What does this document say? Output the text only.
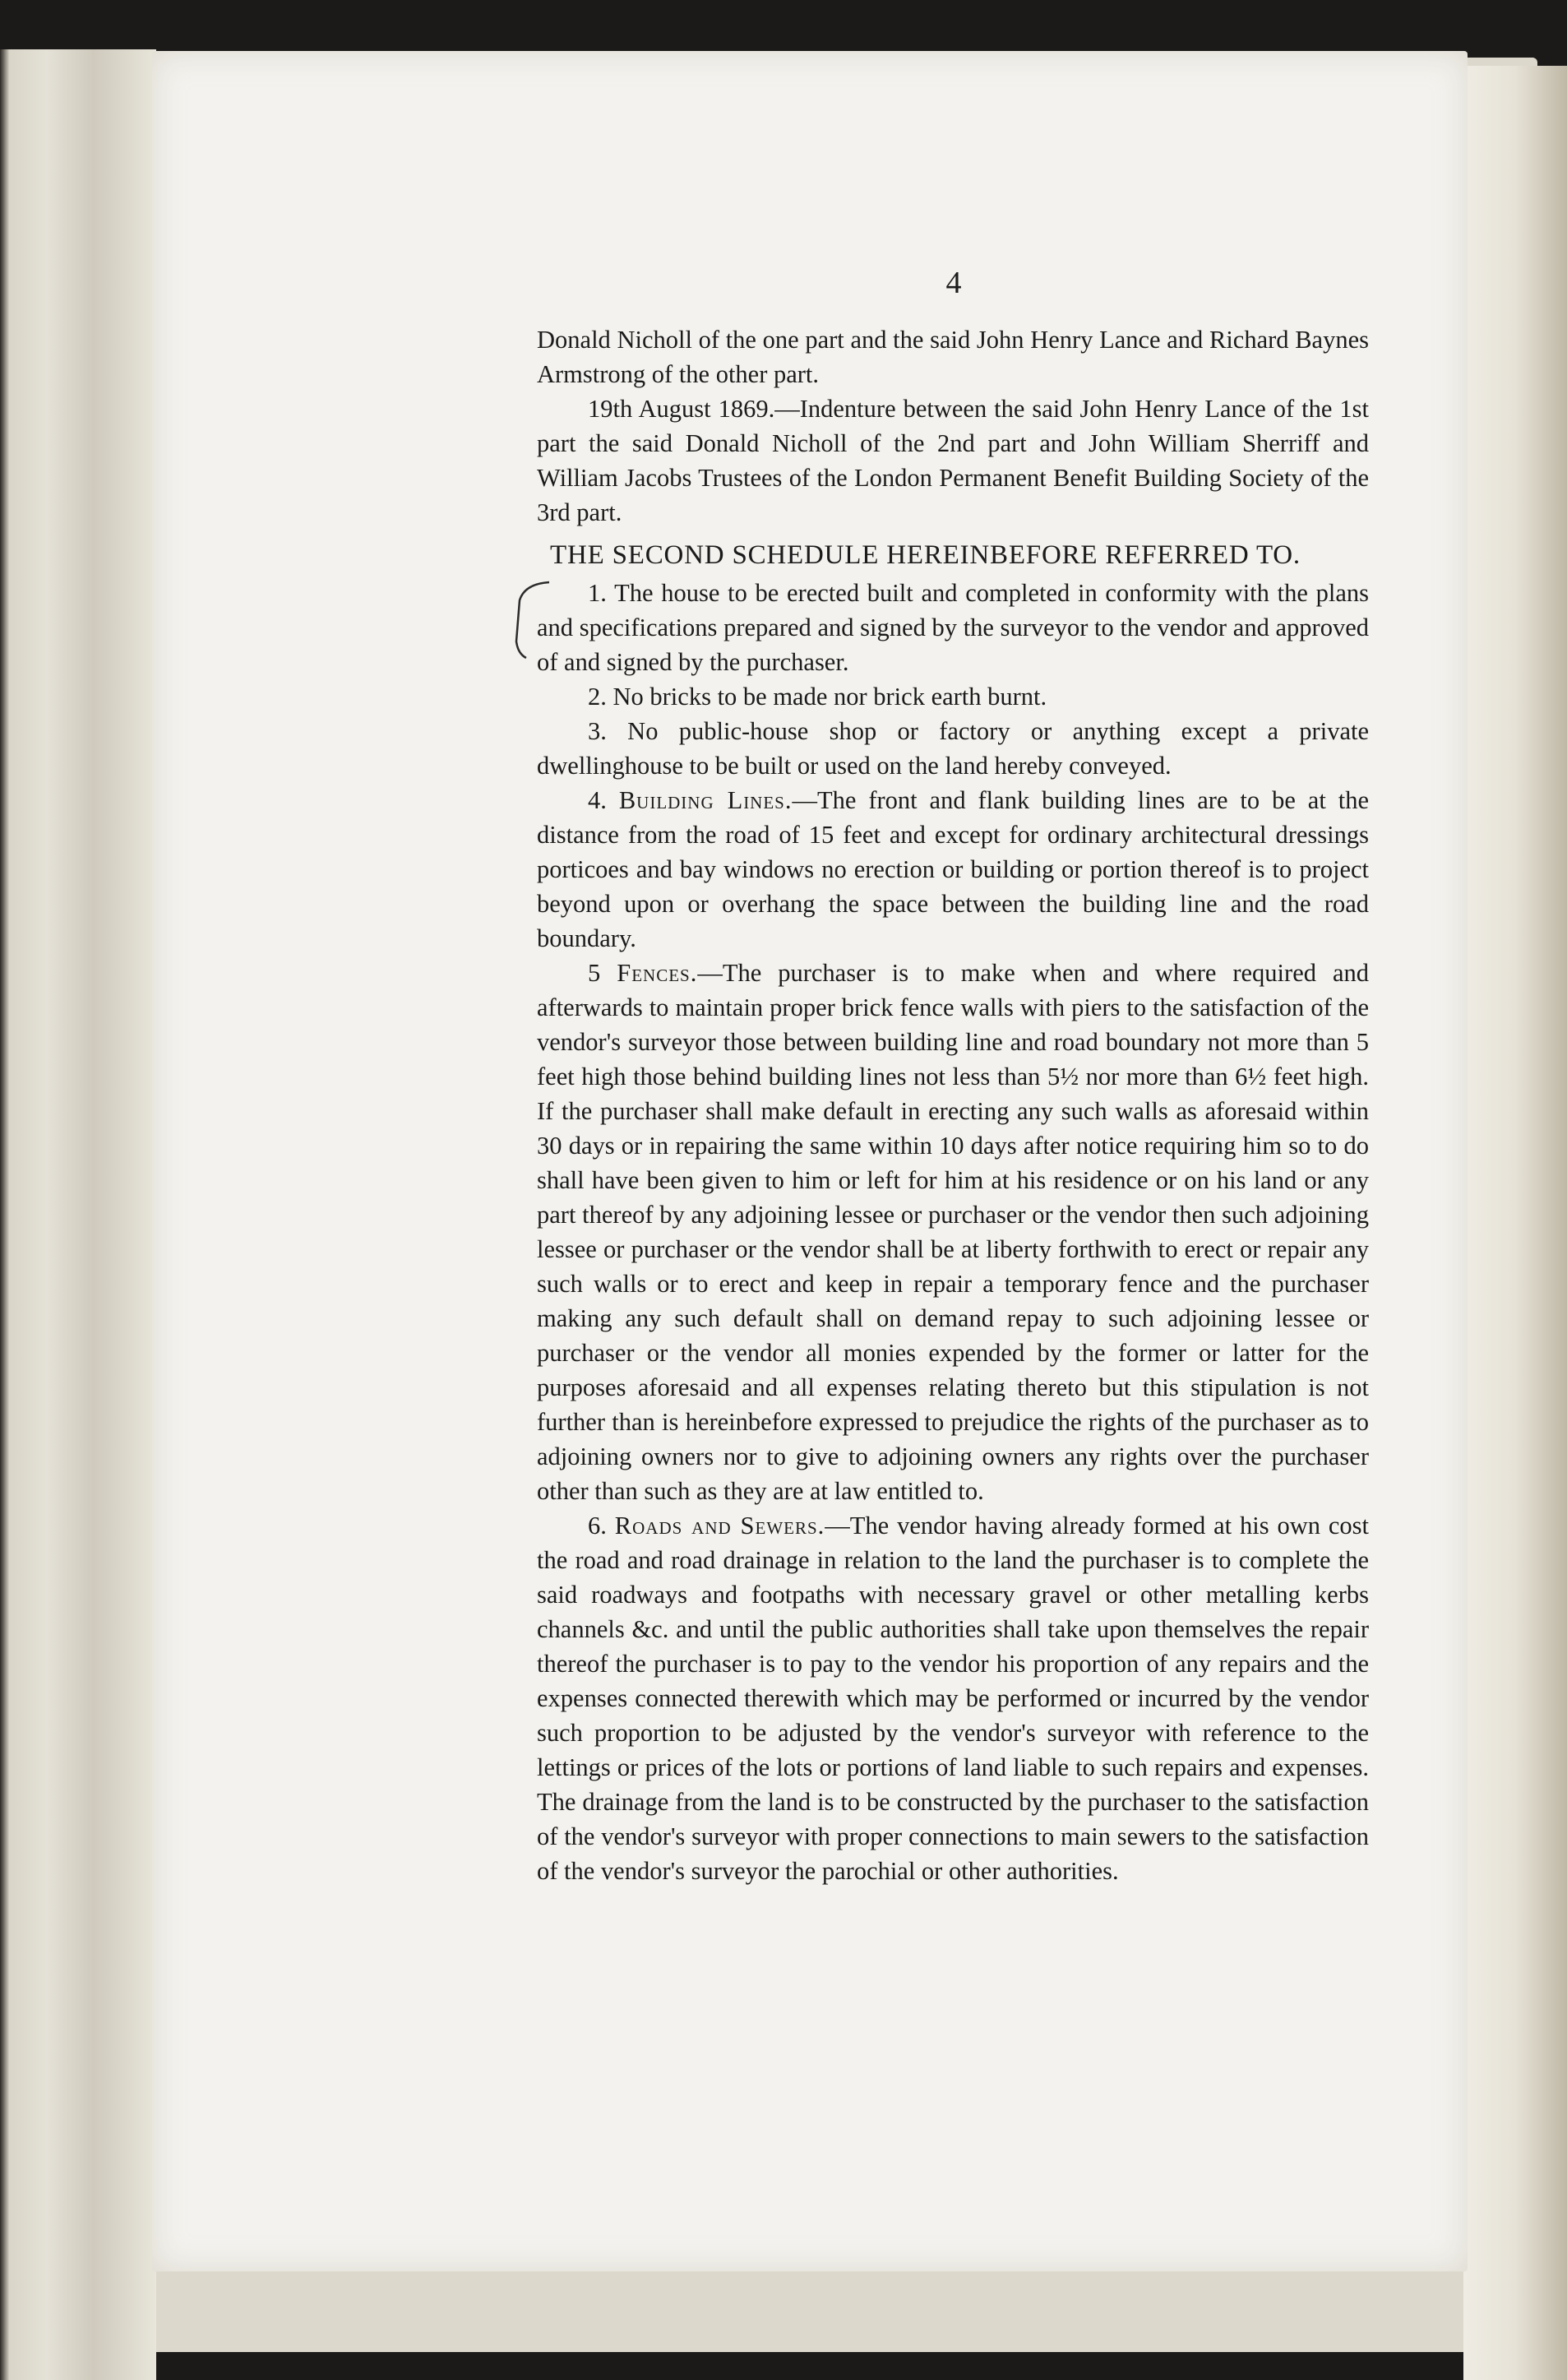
4

Donald Nicholl of the one part and the said John Henry Lance and Richard Baynes Armstrong of the other part.

19th August 1869.—Indenture between the said John Henry Lance of the 1st part the said Donald Nicholl of the 2nd part and John William Sherriff and William Jacobs Trustees of the London Permanent Benefit Building Society of the 3rd part.

THE SECOND SCHEDULE HEREINBEFORE REFERRED TO.

1. The house to be erected built and completed in conformity with the plans and specifications prepared and signed by the surveyor to the vendor and approved of and signed by the purchaser.

2. No bricks to be made nor brick earth burnt.

3. No public-house shop or factory or anything except a private dwellinghouse to be built or used on the land hereby conveyed.

4. Building Lines.—The front and flank building lines are to be at the distance from the road of 15 feet and except for ordinary architectural dressings porticoes and bay windows no erection or building or portion thereof is to project beyond upon or overhang the space between the building line and the road boundary.

5 Fences.—The purchaser is to make when and where required and afterwards to maintain proper brick fence walls with piers to the satisfaction of the vendor's surveyor those between building line and road boundary not more than 5 feet high those behind building lines not less than 5½ nor more than 6½ feet high. If the purchaser shall make default in erecting any such walls as aforesaid within 30 days or in repairing the same within 10 days after notice requiring him so to do shall have been given to him or left for him at his residence or on his land or any part thereof by any adjoining lessee or purchaser or the vendor then such adjoining lessee or purchaser or the vendor shall be at liberty forthwith to erect or repair any such walls or to erect and keep in repair a temporary fence and the purchaser making any such default shall on demand repay to such adjoining lessee or purchaser or the vendor all monies expended by the former or latter for the purposes aforesaid and all expenses relating thereto but this stipulation is not further than is hereinbefore expressed to prejudice the rights of the purchaser as to adjoining owners nor to give to adjoining owners any rights over the purchaser other than such as they are at law entitled to.

6. Roads and Sewers.—The vendor having already formed at his own cost the road and road drainage in relation to the land the purchaser is to complete the said roadways and footpaths with necessary gravel or other metalling kerbs channels &c. and until the public authorities shall take upon themselves the repair thereof the purchaser is to pay to the vendor his proportion of any repairs and the expenses connected therewith which may be performed or incurred by the vendor such proportion to be adjusted by the vendor's surveyor with reference to the lettings or prices of the lots or portions of land liable to such repairs and expenses. The drainage from the land is to be constructed by the purchaser to the satisfaction of the vendor's surveyor with proper connections to main sewers to the satisfaction of the vendor's surveyor the parochial or other authorities.
